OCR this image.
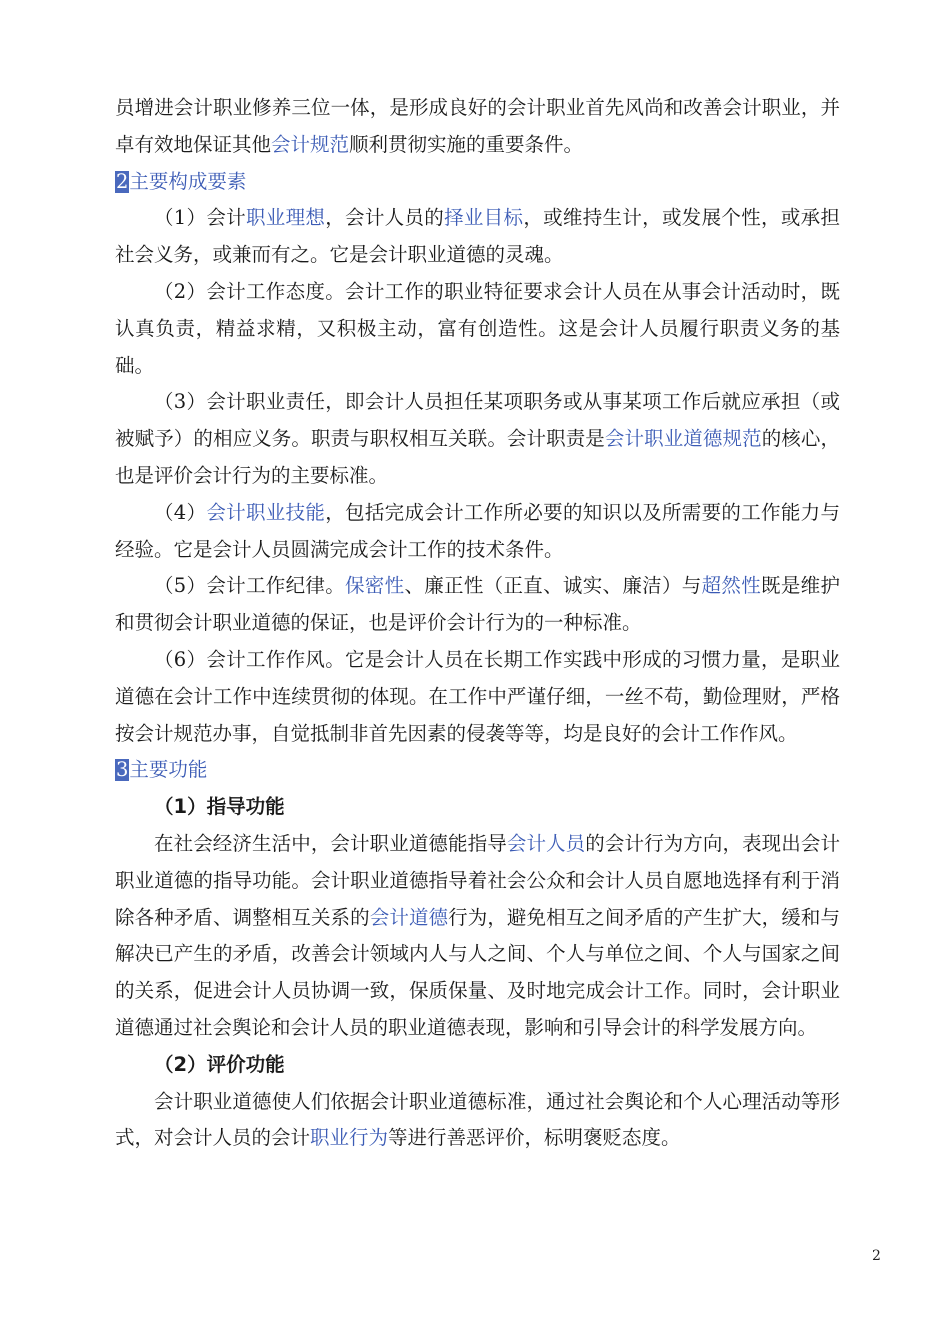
员增进会计职业修养三位一体，是形成良好的会计职业首先风尚和改善会计职业，并卓有效地保证其他会计规范顺利贯彻实施的重要条件。

2主要构成要素

（1）会计职业理想，会计人员的择业目标，或维持生计，或发展个性，或承担社会义务，或兼而有之。它是会计职业道德的灵魂。

（2）会计工作态度。会计工作的职业特征要求会计人员在从事会计活动时，既认真负责，精益求精，又积极主动，富有创造性。这是会计人员履行职责义务的基础。

（3）会计职业责任，即会计人员担任某项职务或从事某项工作后就应承担（或被赋予）的相应义务。职责与职权相互关联。会计职责是会计职业道德规范的核心，也是评价会计行为的主要标准。

（4）会计职业技能，包括完成会计工作所必要的知识以及所需要的工作能力与经验。它是会计人员圆满完成会计工作的技术条件。

（5）会计工作纪律。保密性、廉正性（正直、诚实、廉洁）与超然性既是维护和贯彻会计职业道德的保证，也是评价会计行为的一种标准。

（6）会计工作作风。它是会计人员在长期工作实践中形成的习惯力量，是职业道德在会计工作中连续贯彻的体现。在工作中严谨仔细，一丝不苟，勤俭理财，严格按会计规范办事，自觉抵制非首先因素的侵袭等等，均是良好的会计工作作风。

3主要功能

（1）指导功能

在社会经济生活中，会计职业道德能指导会计人员的会计行为方向，表现出会计职业道德的指导功能。会计职业道德指导着社会公众和会计人员自愿地选择有利于消除各种矛盾、调整相互关系的会计道德行为，避免相互之间矛盾的产生扩大，缓和与解决已产生的矛盾，改善会计领域内人与人之间、个人与单位之间、个人与国家之间的关系，促进会计人员协调一致，保质保量、及时地完成会计工作。同时，会计职业道德通过社会舆论和会计人员的职业道德表现，影响和引导会计的科学发展方向。

（2）评价功能

会计职业道德使人们依据会计职业道德标准，通过社会舆论和个人心理活动等形式，对会计人员的会计职业行为等进行善恶评价，标明褒贬态度。

2
